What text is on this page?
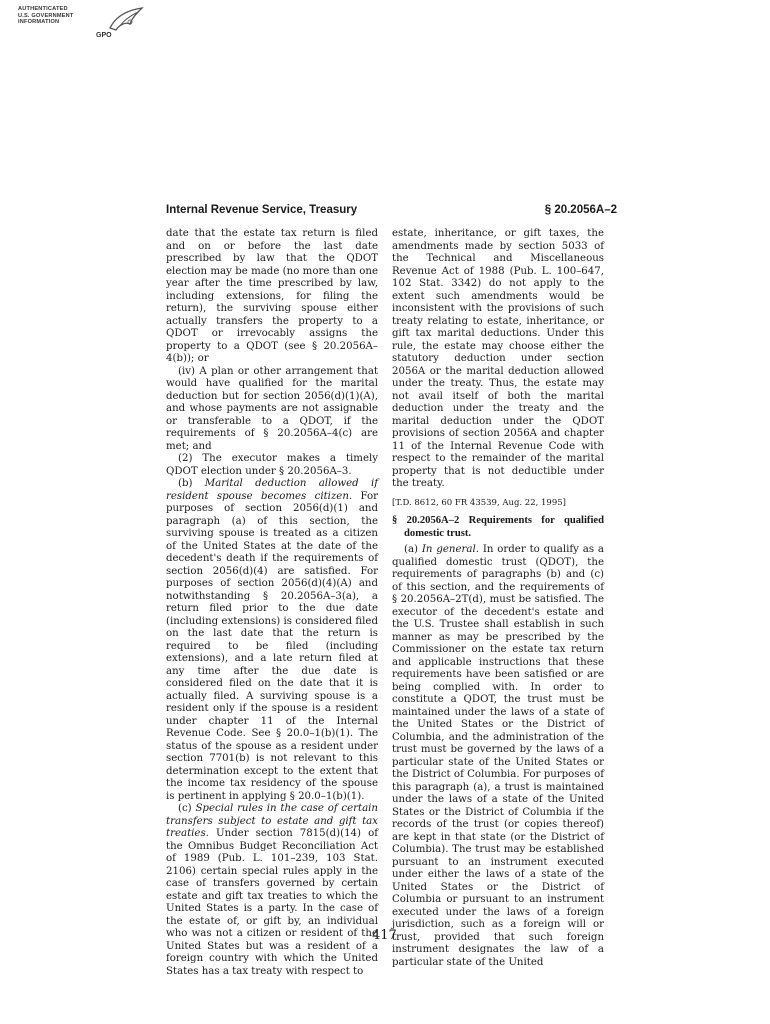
AUTHENTICATED
U.S. GOVERNMENT
INFORMATION
GPO
Internal Revenue Service, Treasury	§ 20.2056A–2

date that the estate tax return is filed and on or before the last date prescribed by law that the QDOT election may be made (no more than one year after the time prescribed by law, including extensions, for filing the return), the surviving spouse either actually transfers the property to a QDOT or irrevocably assigns the property to a QDOT (see § 20.2056A–4(b)); or

(iv) A plan or other arrangement that would have qualified for the marital deduction but for section 2056(d)(1)(A), and whose payments are not assignable or transferable to a QDOT, if the requirements of § 20.2056A–4(c) are met; and

(2) The executor makes a timely QDOT election under § 20.2056A–3.

(b) Marital deduction allowed if resident spouse becomes citizen. For purposes of section 2056(d)(1) and paragraph (a) of this section, the surviving spouse is treated as a citizen of the United States at the date of the decedent's death if the requirements of section 2056(d)(4) are satisfied. For purposes of section 2056(d)(4)(A) and notwithstanding § 20.2056A–3(a), a return filed prior to the due date (including extensions) is considered filed on the last date that the return is required to be filed (including extensions), and a late return filed at any time after the due date is considered filed on the date that it is actually filed. A surviving spouse is a resident only if the spouse is a resident under chapter 11 of the Internal Revenue Code. See § 20.0–1(b)(1). The status of the spouse as a resident under section 7701(b) is not relevant to this determination except to the extent that the income tax residency of the spouse is pertinent in applying § 20.0–1(b)(1).

(c) Special rules in the case of certain transfers subject to estate and gift tax treaties. Under section 7815(d)(14) of the Omnibus Budget Reconciliation Act of 1989 (Pub. L. 101–239, 103 Stat. 2106) certain special rules apply in the case of transfers governed by certain estate and gift tax treaties to which the United States is a party. In the case of the estate of, or gift by, an individual who was not a citizen or resident of the United States but was a resident of a foreign country with which the United States has a tax treaty with respect to

estate, inheritance, or gift taxes, the amendments made by section 5033 of the Technical and Miscellaneous Revenue Act of 1988 (Pub. L. 100–647, 102 Stat. 3342) do not apply to the extent such amendments would be inconsistent with the provisions of such treaty relating to estate, inheritance, or gift tax marital deductions. Under this rule, the estate may choose either the statutory deduction under section 2056A or the marital deduction allowed under the treaty. Thus, the estate may not avail itself of both the marital deduction under the treaty and the marital deduction under the QDOT provisions of section 2056A and chapter 11 of the Internal Revenue Code with respect to the remainder of the marital property that is not deductible under the treaty.

[T.D. 8612, 60 FR 43539, Aug. 22, 1995]

§ 20.2056A–2 Requirements for qualified domestic trust.

(a) In general. In order to qualify as a qualified domestic trust (QDOT), the requirements of paragraphs (b) and (c) of this section, and the requirements of § 20.2056A–2T(d), must be satisfied. The executor of the decedent's estate and the U.S. Trustee shall establish in such manner as may be prescribed by the Commissioner on the estate tax return and applicable instructions that these requirements have been satisfied or are being complied with. In order to constitute a QDOT, the trust must be maintained under the laws of a state of the United States or the District of Columbia, and the administration of the trust must be governed by the laws of a particular state of the United States or the District of Columbia. For purposes of this paragraph (a), a trust is maintained under the laws of a state of the United States or the District of Columbia if the records of the trust (or copies thereof) are kept in that state (or the District of Columbia). The trust may be established pursuant to an instrument executed under either the laws of a state of the United States or the District of Columbia or pursuant to an instrument executed under the laws of a foreign jurisdiction, such as a foreign will or trust, provided that such foreign instrument designates the law of a particular state of the United

417
